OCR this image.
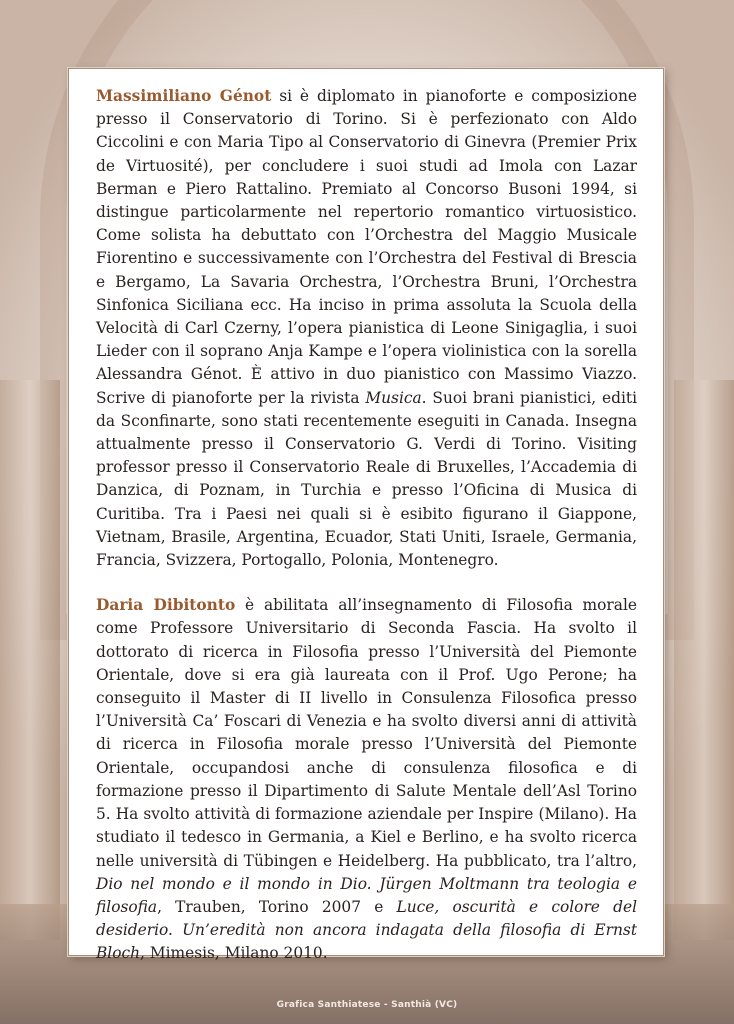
Massimiliano Génot si è diplomato in pianoforte e composizione presso il Conservatorio di Torino. Si è perfezionato con Aldo Ciccolini e con Maria Tipo al Conservatorio di Ginevra (Premier Prix de Virtuosité), per concludere i suoi studi ad Imola con Lazar Berman e Piero Rattalino. Premiato al Concorso Busoni 1994, si distingue particolarmente nel repertorio romantico virtuosistico. Come solista ha debuttato con l’Orchestra del Maggio Musicale Fiorentino e successivamente con l’Orchestra del Festival di Brescia e Bergamo, La Savaria Orchestra, l’Orchestra Bruni, l’Orchestra Sinfonica Siciliana ecc. Ha inciso in prima assoluta la Scuola della Velocità di Carl Czerny, l’opera pianistica di Leone Sinigaglia, i suoi Lieder con il soprano Anja Kampe e l’opera violinistica con la sorella Alessandra Génot. È attivo in duo pianistico con Massimo Viazzo. Scrive di pianoforte per la rivista Musica. Suoi brani pianistici, editi da Sconfinarte, sono stati recentemente eseguiti in Canada. Insegna attualmente presso il Conservatorio G. Verdi di Torino. Visiting professor presso il Conservatorio Reale di Bruxelles, l’Accademia di Danzica, di Poznam, in Turchia e presso l’Oficina di Musica di Curitiba. Tra i Paesi nei quali si è esibito figurano il Giappone, Vietnam, Brasile, Argentina, Ecuador, Stati Uniti, Israele, Germania, Francia, Svizzera, Portogallo, Polonia, Montenegro.

Daria Dibitonto è abilitata all’insegnamento di Filosofia morale come Professore Universitario di Seconda Fascia. Ha svolto il dottorato di ricerca in Filosofia presso l’Università del Piemonte Orientale, dove si era già laureata con il Prof. Ugo Perone; ha conseguito il Master di II livello in Consulenza Filosofica presso l’Università Ca’ Foscari di Venezia e ha svolto diversi anni di attività di ricerca in Filosofia morale presso l’Università del Piemonte Orientale, occupandosi anche di consulenza filosofica e di formazione presso il Dipartimento di Salute Mentale dell’Asl Torino 5. Ha svolto attività di formazione aziendale per Inspire (Milano). Ha studiato il tedesco in Germania, a Kiel e Berlino, e ha svolto ricerca nelle università di Tübingen e Heidelberg. Ha pubblicato, tra l’altro, Dio nel mondo e il mondo in Dio. Jürgen Moltmann tra teologia e filosofia, Trauben, Torino 2007 e Luce, oscurità e colore del desiderio. Un’eredità non ancora indagata della filosofia di Ernst Bloch, Mimesis, Milano 2010.

Grafica Santhiatese - Santhià (VC)
